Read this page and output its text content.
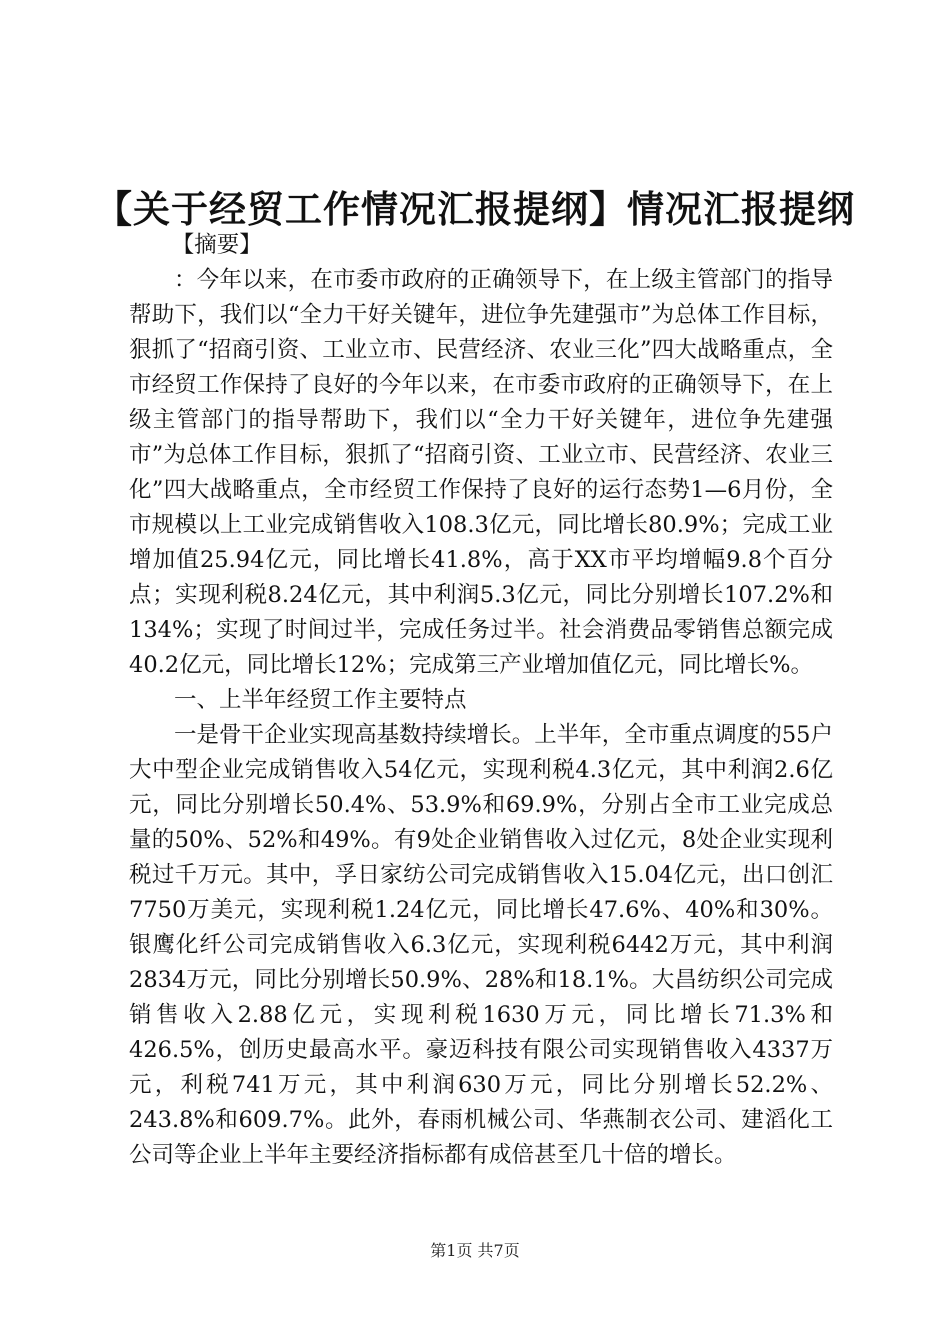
【关于经贸工作情况汇报提纲】情况汇报提纲

【摘要】

：今年以来，在市委市政府的正确领导下，在上级主管部门的指导帮助下，我们以“全力干好关键年，进位争先建强市”为总体工作目标，狠抓了“招商引资、工业立市、民营经济、农业三化”四大战略重点，全市经贸工作保持了良好的今年以来，在市委市政府的正确领导下，在上级主管部门的指导帮助下，我们以“全力干好关键年，进位争先建强市”为总体工作目标，狠抓了“招商引资、工业立市、民营经济、农业三化”四大战略重点，全市经贸工作保持了良好的运行态势1—6月份，全市规模以上工业完成销售收入108.3亿元，同比增长80.9%；完成工业增加值25.94亿元，同比增长41.8%，高于XX市平均增幅9.8个百分点；实现利税8.24亿元，其中利润5.3亿元，同比分别增长107.2%和134%；实现了时间过半，完成任务过半。社会消费品零销售总额完成40.2亿元，同比增长12%；完成第三产业增加值亿元，同比增长%。

一、上半年经贸工作主要特点

一是骨干企业实现高基数持续增长。上半年，全市重点调度的55户大中型企业完成销售收入54亿元，实现利税4.3亿元，其中利润2.6亿元，同比分别增长50.4%、53.9%和69.9%，分别占全市工业完成总量的50%、52%和49%。有9处企业销售收入过亿元，8处企业实现利税过千万元。其中，孚日家纺公司完成销售收入15.04亿元，出口创汇7750万美元，实现利税1.24亿元，同比增长47.6%、40%和30%。银鹰化纤公司完成销售收入6.3亿元，实现利税6442万元，其中利润2834万元，同比分别增长50.9%、28%和18.1%。大昌纺织公司完成销售收入2.88亿元，实现利税1630万元，同比增长71.3%和426.5%，创历史最高水平。豪迈科技有限公司实现销售收入4337万元，利税741万元，其中利润630万元，同比分别增长52.2%、243.8%和609.7%。此外，春雨机械公司、华燕制衣公司、建滔化工公司等企业上半年主要经济指标都有成倍甚至几十倍的增长。

第1页 共7页
